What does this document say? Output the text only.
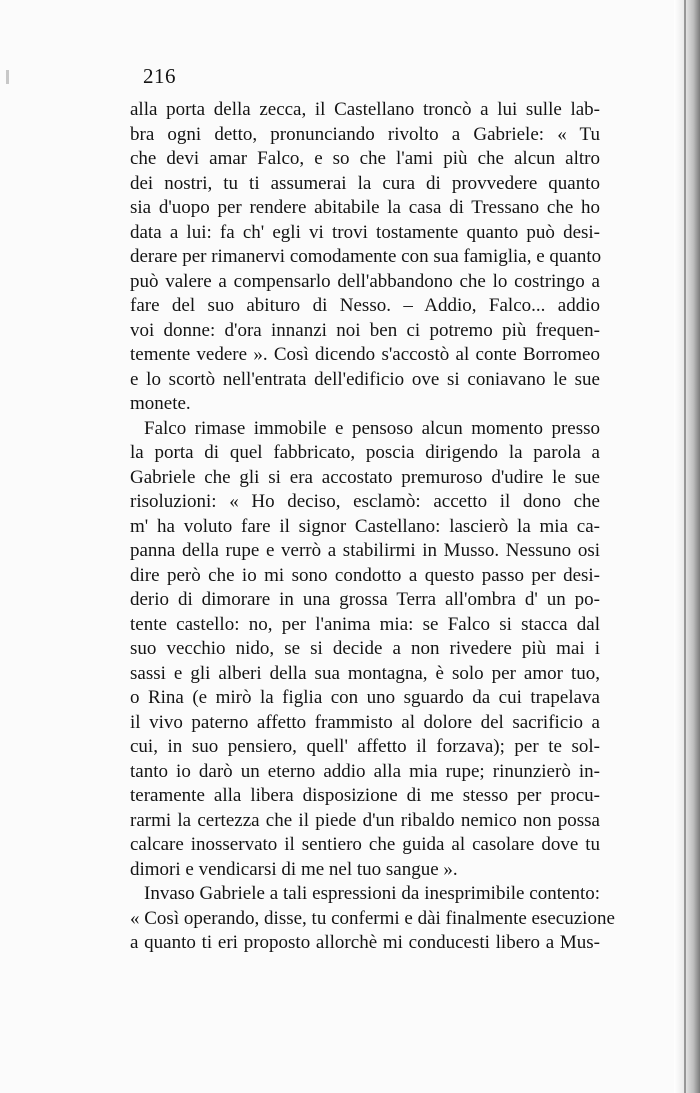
216
alla porta della zecca, il Castellano troncò a lui sulle lab-
bra ogni detto, pronunciando rivolto a Gabriele: « Tu
che devi amar Falco, e so che l'ami più che alcun altro
dei nostri, tu ti assumerai la cura di provvedere quanto
sia d'uopo per rendere abitabile la casa di Tressano che ho
data a lui: fa ch' egli vi trovi tostamente quanto può desi-
derare per rimanervi comodamente con sua famiglia, e quanto
può valere a compensarlo dell'abbandono che lo costringo a
fare del suo abituro di Nesso. – Addio, Falco... addio
voi donne: d'ora innanzi noi ben ci potremo più frequen-
temente vedere ». Così dicendo s'accostò al conte Borromeo
e lo scortò nell'entrata dell'edificio ove si coniavano le sue
monete.
Falco rimase immobile e pensoso alcun momento presso
la porta di quel fabbricato, poscia dirigendo la parola a
Gabriele che gli si era accostato premuroso d'udire le sue
risoluzioni: « Ho deciso, esclamò: accetto il dono che
m' ha voluto fare il signor Castellano: lascierò la mia ca-
panna della rupe e verrò a stabilirmi in Musso. Nessuno osi
dire però che io mi sono condotto a questo passo per desi-
derio di dimorare in una grossa Terra all'ombra d' un po-
tente castello: no, per l'anima mia: se Falco si stacca dal
suo vecchio nido, se si decide a non rivedere più mai i
sassi e gli alberi della sua montagna, è solo per amor tuo,
o Rina (e mirò la figlia con uno sguardo da cui trapelava
il vivo paterno affetto frammisto al dolore del sacrificio a
cui, in suo pensiero, quell' affetto il forzava); per te sol-
tanto io darò un eterno addio alla mia rupe; rinunzierò in-
teramente alla libera disposizione di me stesso per procu-
rarmi la certezza che il piede d'un ribaldo nemico non possa
calcare inosservato il sentiero che guida al casolare dove tu
dimori e vendicarsi di me nel tuo sangue ».
Invaso Gabriele a tali espressioni da inesprimibile contento:
« Così operando, disse, tu confermi e dài finalmente esecuzione
a quanto ti eri proposto allorchè mi conducesti libero a Mus-
